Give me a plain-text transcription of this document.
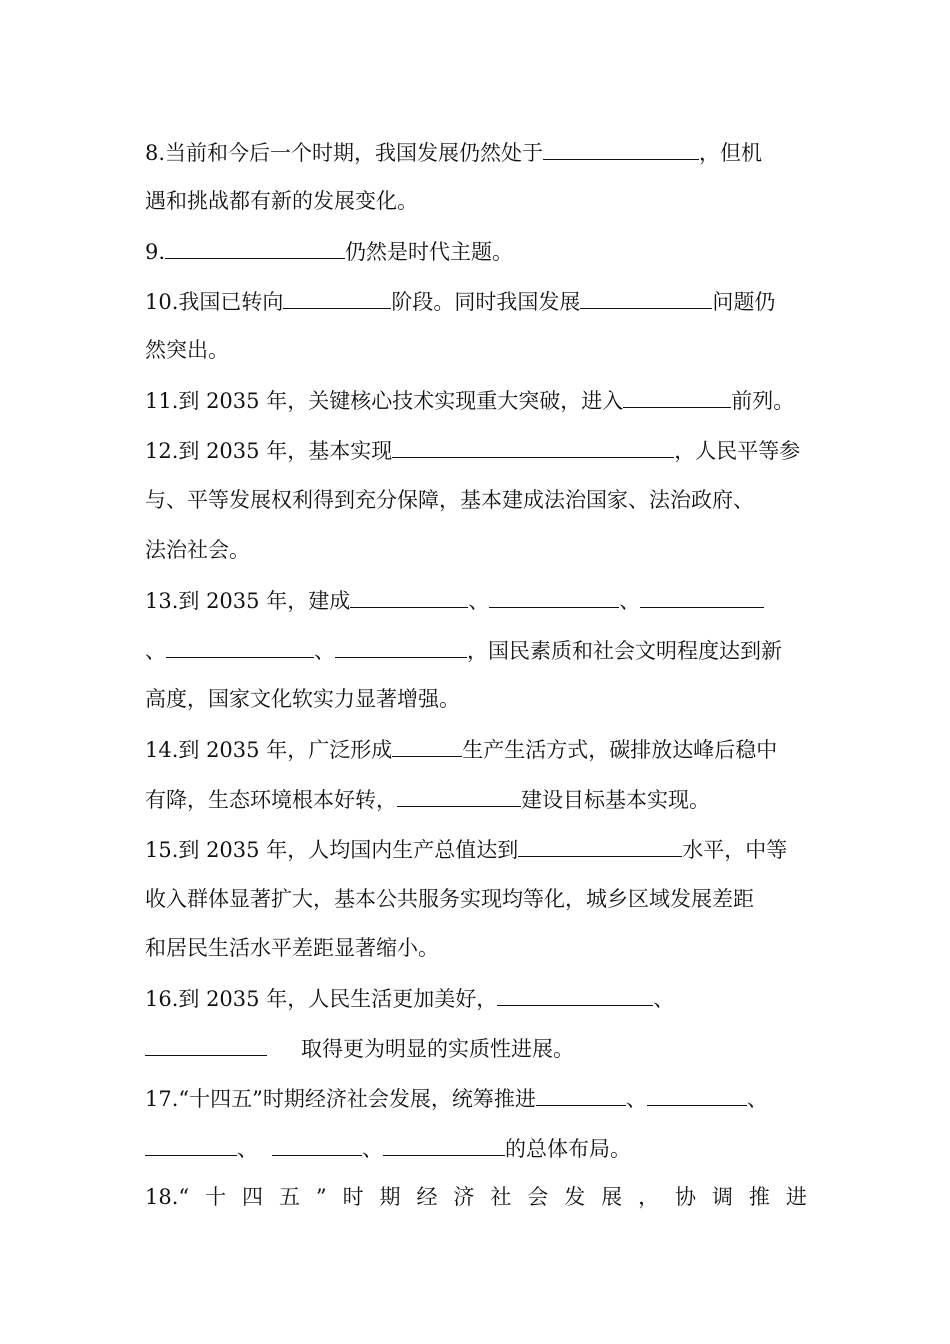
8.当前和今后一个时期，我国发展仍然处于	，但机
遇和挑战都有新的发展变化。
9.	仍然是时代主题。
10.我国已转向	阶段。同时我国发展	问题仍
然突出。
11.到 2035 年，关键核心技术实现重大突破，进入	前列。
12.到 2035 年，基本实现	，人民平等参
与、平等发展权利得到充分保障，基本建成法治国家、法治政府、
法治社会。
13.到 2035 年，建成	、	、
、	、	，国民素质和社会文明程度达到新
高度，国家文化软实力显著增强。
14.到 2035 年，广泛形成	生产生活方式，碳排放达峰后稳中
有降，生态环境根本好转，	建设目标基本实现。
15.到 2035 年，人均国内生产总值达到	水平，中等
收入群体显著扩大，基本公共服务实现均等化，城乡区域发展差距
和居民生活水平差距显著缩小。
16.到 2035 年，人民生活更加美好，	、
取得更为明显的实质性进展。
17.“十四五”时期经济社会发展，统筹推进	、	、
、	、	的总体布局。
18.“ 十 四 五 ” 时 期 经 济 社 会 发 展 ， 协 调 推 进
